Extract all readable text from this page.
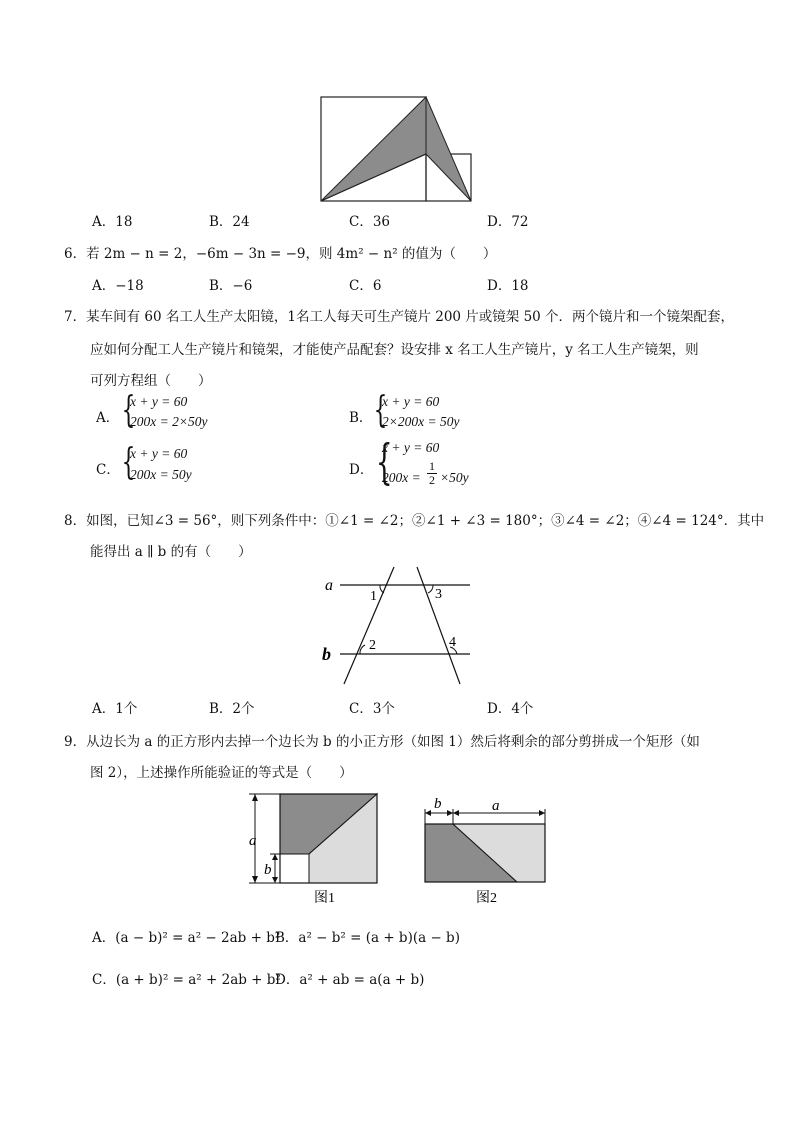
A．18	B．24	C．36	D．72
6．若 2m − n = 2，−6m − 3n = −9，则 4m² − n² 的值为（　　）
A．−18	B．−6	C．6	D．18
7．某车间有 60 名工人生产太阳镜，1名工人每天可生产镜片 200 片或镜架 50 个．两个镜片和一个镜架配套，
应如何分配工人生产镜片和镜架，才能使产品配套？设安排 x 名工人生产镜片，y 名工人生产镜架，则
可列方程组（　　）
A． {
x + y = 60
200x = 2×50y	B． {
x + y = 60
2×200x = 50y
C． {
x + y = 60
200x = 50y	D． {
x + y = 60
$200x = \frac{1}{2} \times 50y$
8．如图，已知∠3 = 56°，则下列条件中：①∠1 = ∠2；②∠1 + ∠3 = 180°；③∠4 = ∠2；④∠4 = 124°．其中
能得出 a ∥ b 的有（　　）
a
b
1	3
2	4
A．1个	B．2个	C．3个	D．4个
9．从边长为 a 的正方形内去掉一个边长为 b 的小正方形（如图 1）然后将剩余的部分剪拼成一个矩形（如
图 2），上述操作所能验证的等式是（　　）
a
b
图1
b	a
图2
A．(a − b)² = a² − 2ab + b²
B．a² − b² = (a + b)(a − b)
C．(a + b)² = a² + 2ab + b²
D．a² + ab = a(a + b)
